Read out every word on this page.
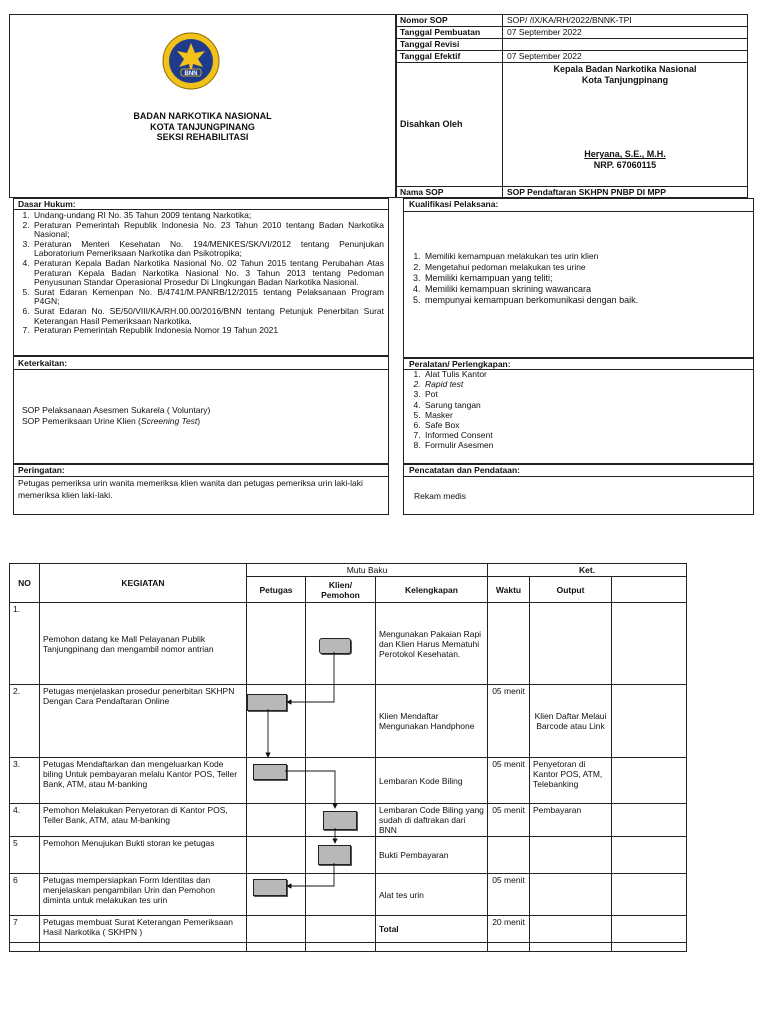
BNN
BADAN NARKOTIKA NASIONAL
KOTA TANJUNGPINANG
SEKSI REHABILITASI
Nomor SOP	SOP/ /IX/KA/RH/2022/BNNK-TPI
Tanggal Pembuatan	07 September 2022
Tanggal Revisi
Tanggal Efektif	07 September 2022
Disahkan Oleh
Kepala Badan Narkotika Nasional
Kota Tanjungpinang
Heryana, S.E., M.H.
NRP. 67060115
Nama SOP	SOP Pendaftaran SKHPN PNBP DI MPP
Dasar Hukum:
1. Undang-undang RI No. 35 Tahun 2009 tentang Narkotika;
2. Peraturan Pemerintah Republik Indonesia No. 23 Tahun 2010 tentang Badan Narkotika Nasional;
3. Peraturan Menteri Kesehatan No. 194/MENKES/SK/VI/2012 tentang Penunjukan Laboratorium Pemeriksaan Narkotika dan Psikotropika;
4. Peraturan Kepala Badan Narkotika Nasional No. 02 Tahun 2015 tentang Perubahan Atas Peraturan Kepala Badan Narkotika Nasional No. 3 Tahun 2013 tentang Pedoman Penyusunan Standar Operasional Prosedur Di LIngkungan Badan Narkotika Nasional.
5. Surat Edaran Kemenpan No. B/4741/M.PANRB/12/2015 tentang Pelaksanaan Program P4GN;
6. Surat Edaran No. SE/50/VIII/KA/RH.00.00/2016/BNN tentang Petunjuk Penerbitan Surat Keterangan Hasil Pemeriksaan Narkotika.
7. Peraturan Pemerintah Republik Indonesia Nomor 19 Tahun 2021
Kualifikasi Pelaksana:
1. Memiliki kemampuan melakukan tes urin klien
2. Mengetahui pedoman melakukan tes urine
3. Memiliki kemampuan yang teliti;
4. Memiliki kemampuan skrining wawancara
5. mempunyai kemampuan berkomunikasi dengan baik.
Keterkaitan:
SOP Pelaksanaan Asesmen Sukarela ( Voluntary)
SOP Pemeriksaan Urine Klien (Screening Test)
Peralatan/ Perlengkapan:
1. Alat Tulis Kantor
2. Rapid test
3. Pot
4. Sarung tangan
5. Masker
6. Safe Box
7. Informed Consent
8. Formulir Asesmen
Peringatan:
Petugas pemeriksa urin wanita memeriksa klien wanita dan petugas pemeriksa urin laki-laki memeriksa klien laki-laki.
Pencatatan dan Pendataan:
Rekam medis
NO	KEGIATAN	Mutu Baku			Ket.		
		Petugas	Klien/ Pemohon	Kelengkapan	Waktu	Output	
1.	Pemohon datang ke Mall Pelayanan Publik Tanjungpinang dan mengambil nomor antrian			Mengunakan Pakaian Rapi dan Klien Harus Mematuhi Perotokol Kesehatan.			
2.	Petugas menjelaskan prosedur penerbitan SKHPN Dengan Cara Pendaftaran Online			Klien Mendaftar Mengunakan Handphone	05 menit	Klien Daftar Melaui Barcode atau Link	
3.	Petugas Mendaftarkan dan mengeluarkan Kode biling Untuk pembayaran melalu Kantor POS, Teller Bank, ATM, atau M-banking			Lembaran Kode Biling	05 menit	Penyetoran di Kantor POS, ATM, Telebanking	
4.	Pemohon Melakukan Penyetoran di Kantor POS, Teller Bank, ATM, atau M-banking			Lembaran Code Biling yang sudah di daftrakan dari BNN	05 menit	Pembayaran	
5	Pemohon Menujukan Bukti storan ke petugas			Bukti Pembayaran			
6	Petugas mempersiapkan Form Identitas dan menjelaskan pengambilan Urin dan Pemohon diminta untuk melakukan tes urin			Alat tes urin	05 menit		
7	Petugas membuat Surat Keterangan Pemeriksaan Hasil Narkotika ( SKHPN )			Total	20 menit		
